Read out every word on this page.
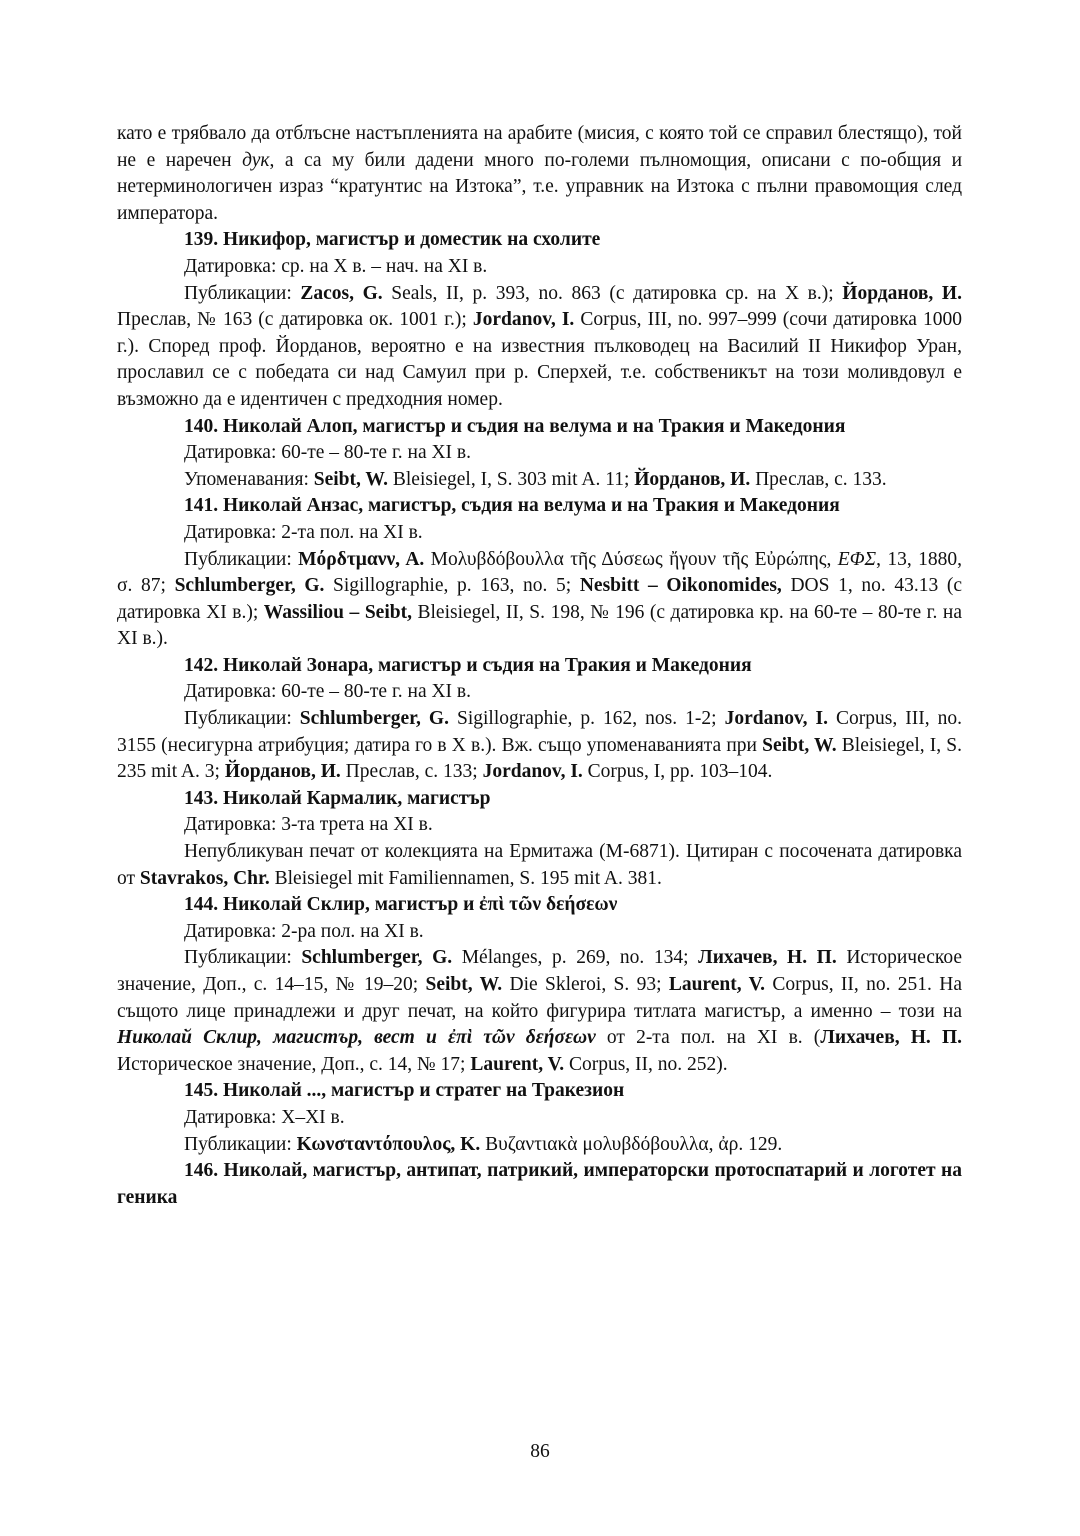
като е трябвало да отблъсне настъпленията на арабите (мисия, с която той се справил блестящо), той не е наречен дук, а са му били дадени много по-големи пълномощия, описани с по-общия и нетерминологичен израз “кратунтис на Изтока”, т.е. управник на Изтока с пълни правомощия след императора.

139. Никифор, магистър и доместик на схолите

Датировка: ср. на X в. – нач. на XI в.

Публикации: Zacos, G. Seals, II, p. 393, no. 863 (с датировка ср. на X в.); Йорданов, И. Преслав, № 163 (с датировка ок. 1001 г.); Jordanov, I. Corpus, III, no. 997–999 (сочи датировка 1000 г.). Според проф. Йорданов, вероятно е на известния пълководец на Василий II Никифор Уран, прославил се с победата си над Самуил при р. Сперхей, т.е. собственикът на този моливдовул е възможно да е идентичен с предходния номер.

140. Николай Алоп, магистър и съдия на велума и на Тракия и Македония

Датировка: 60-те – 80-те г. на XI в.

Упоменавания: Seibt, W. Bleisiegel, I, S. 303 mit A. 11; Йорданов, И. Преслав, с. 133.

141. Николай Анзас, магистър, съдия на велума и на Тракия и Македония

Датировка: 2-та пол. на XI в.

Публикации: Μόρδτμανν, Α. Μολυβδόβουλλα τῆς Δύσεως ἤγουν τῆς Εὐρώπης, ΕΦΣ, 13, 1880, σ. 87; Schlumberger, G. Sigillographie, p. 163, no. 5; Nesbitt – Oikonomides, DOS 1, no. 43.13 (с датировка XI в.); Wassiliou – Seibt, Bleisiegel, II, S. 198, № 196 (с датировка кр. на 60-те – 80-те г. на XI в.).

142. Николай Зонара, магистър и съдия на Тракия и Македония

Датировка: 60-те – 80-те г. на XI в.

Публикации: Schlumberger, G. Sigillographie, p. 162, nos. 1-2; Jordanov, I. Corpus, III, no. 3155 (несигурна атрибуция; датира го в X в.). Вж. също упоменаванията при Seibt, W. Bleisiegel, I, S. 235 mit A. 3; Йорданов, И. Преслав, с. 133; Jordanov, I. Corpus, I, pp. 103–104.

143. Николай Кармалик, магистър

Датировка: 3-та трета на XI в.

Непубликуван печат от колекцията на Ермитажа (М-6871). Цитиран с посочената датировка от Stavrakos, Chr. Bleisiegel mit Familiennamen, S. 195 mit A. 381.

144. Николай Склир, магистър и ἐπὶ τῶν δεήσεων

Датировка: 2-ра пол. на XI в.

Публикации: Schlumberger, G. Mélanges, p. 269, no. 134; Лихачев, Н. П. Историческое значение, Доп., с. 14–15, № 19–20; Seibt, W. Die Skleroi, S. 93; Laurent, V. Corpus, II, no. 251. На същото лице принадлежи и друг печат, на който фигурира титлата магистър, а именно – този на Николай Склир, магистър, вест и ἐπὶ τῶν δεήσεων от 2-та пол. на XI в. (Лихачев, Н. П. Историческое значение, Доп., с. 14, № 17; Laurent, V. Corpus, II, no. 252).

145. Николай ..., магистър и стратег на Тракезион

Датировка: X–XI в.

Публикации: Κωνσταντόπουλος, Κ. Βυζαντιακὰ μολυβδόβουλλα, ἀρ. 129.

146. Николай, магистър, антипат, патрикий, императорски протоспатарий и логотет на геника

86
